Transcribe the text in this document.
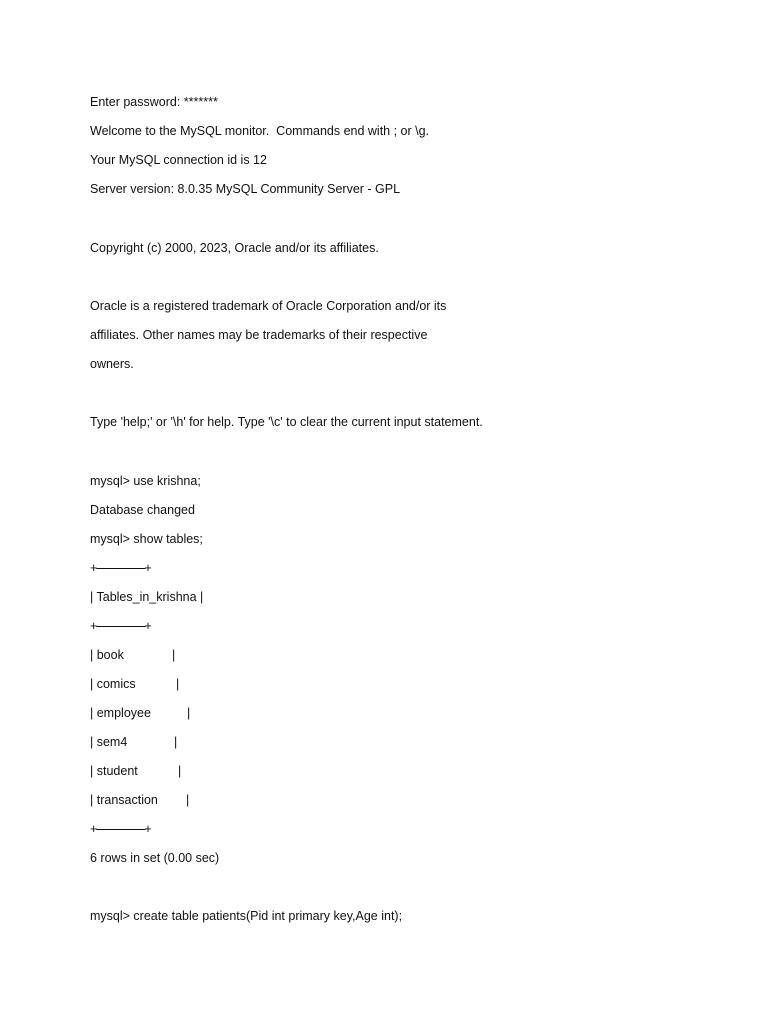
Enter password: *******
Welcome to the MySQL monitor.  Commands end with ; or \g.
Your MySQL connection id is 12
Server version: 8.0.35 MySQL Community Server - GPL
Copyright (c) 2000, 2023, Oracle and/or its affiliates.
Oracle is a registered trademark of Oracle Corporation and/or its
affiliates. Other names may be trademarks of their respective
owners.
Type 'help;' or '\h' for help. Type '\c' to clear the current input statement.
mysql> use krishna;
Database changed
mysql> show tables;
+-------------------+
| Tables_in_krishna |
+-------------------+
| book	|
| comics	|
| employee	|
| sem4	|
| student	|
| transaction |
+-------------------+
6 rows in set (0.00 sec)
mysql> create table patients(Pid int primary key,Age int);
